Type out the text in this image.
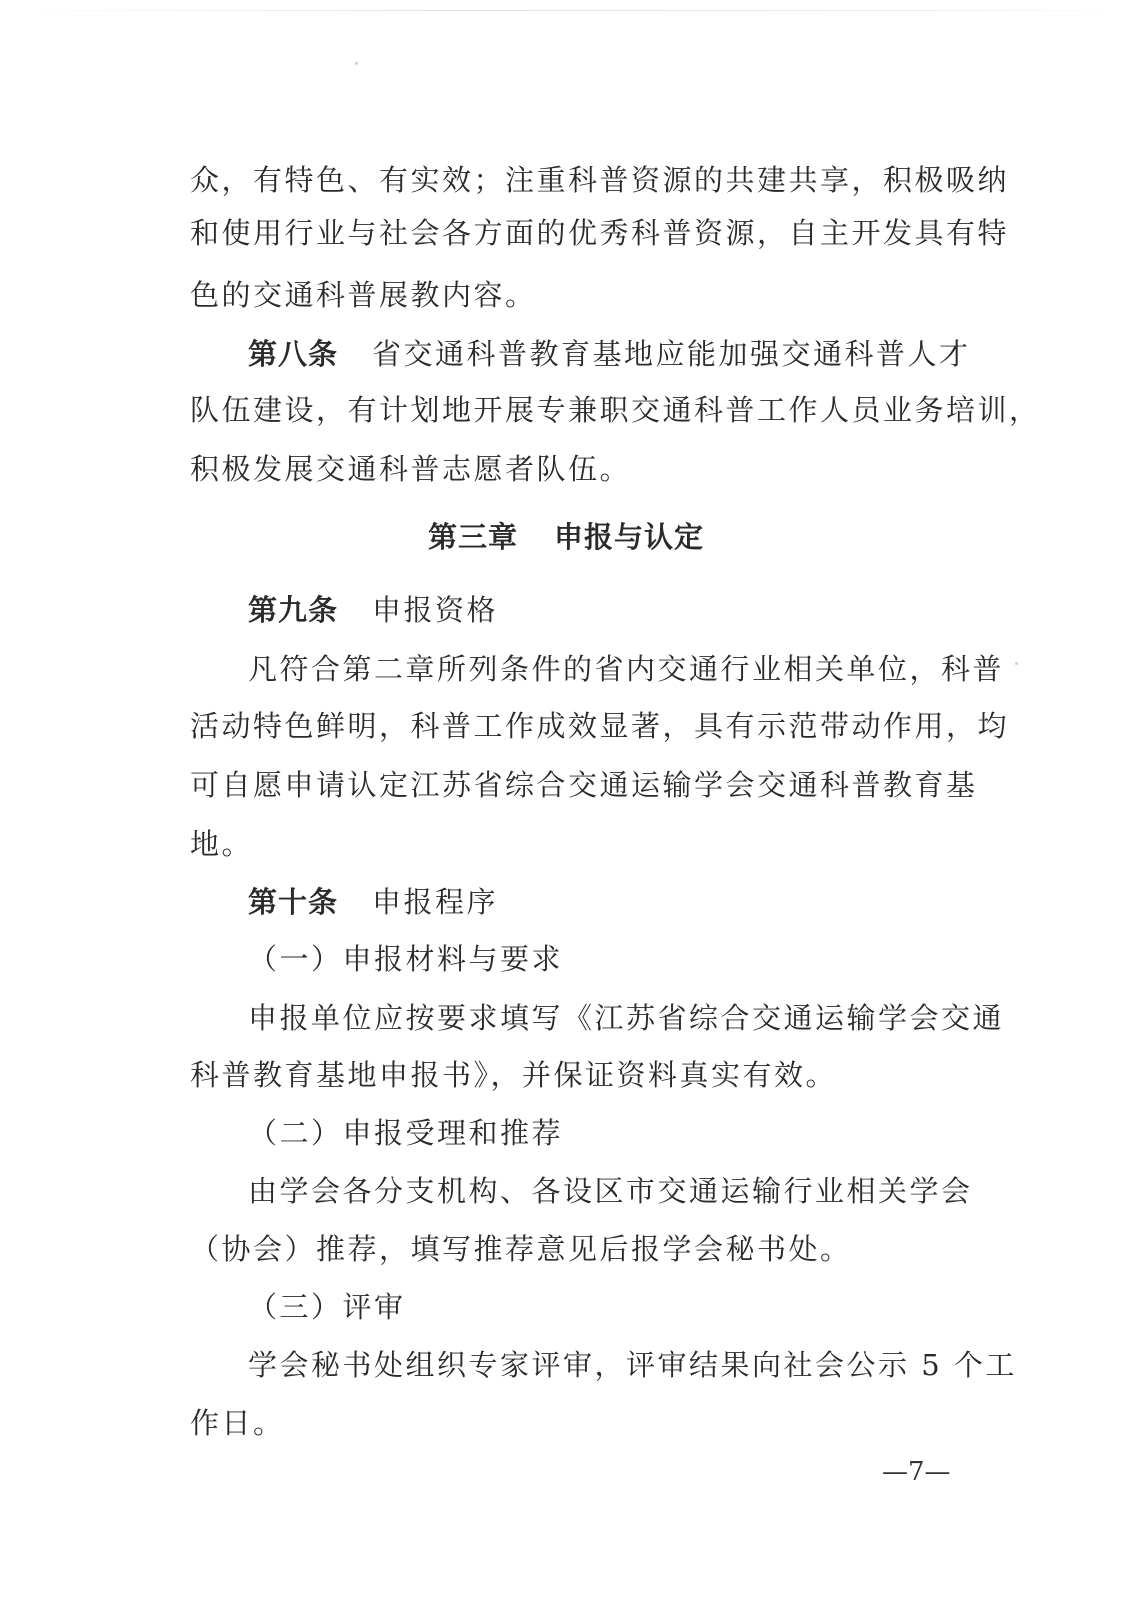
众，有特色、有实效；注重科普资源的共建共享，积极吸纳
和使用行业与社会各方面的优秀科普资源，自主开发具有特
色的交通科普展教内容。
第八条 省交通科普教育基地应能加强交通科普人才
队伍建设，有计划地开展专兼职交通科普工作人员业务培训，
积极发展交通科普志愿者队伍。
第三章 申报与认定
第九条 申报资格
凡符合第二章所列条件的省内交通行业相关单位，科普
活动特色鲜明，科普工作成效显著，具有示范带动作用，均
可自愿申请认定江苏省综合交通运输学会交通科普教育基
地。
第十条 申报程序
（一）申报材料与要求
申报单位应按要求填写《江苏省综合交通运输学会交通
科普教育基地申报书》，并保证资料真实有效。
（二）申报受理和推荐
由学会各分支机构、各设区市交通运输行业相关学会
（协会）推荐，填写推荐意见后报学会秘书处。
（三）评审
学会秘书处组织专家评审，评审结果向社会公示 5 个工
作日。
—7—
